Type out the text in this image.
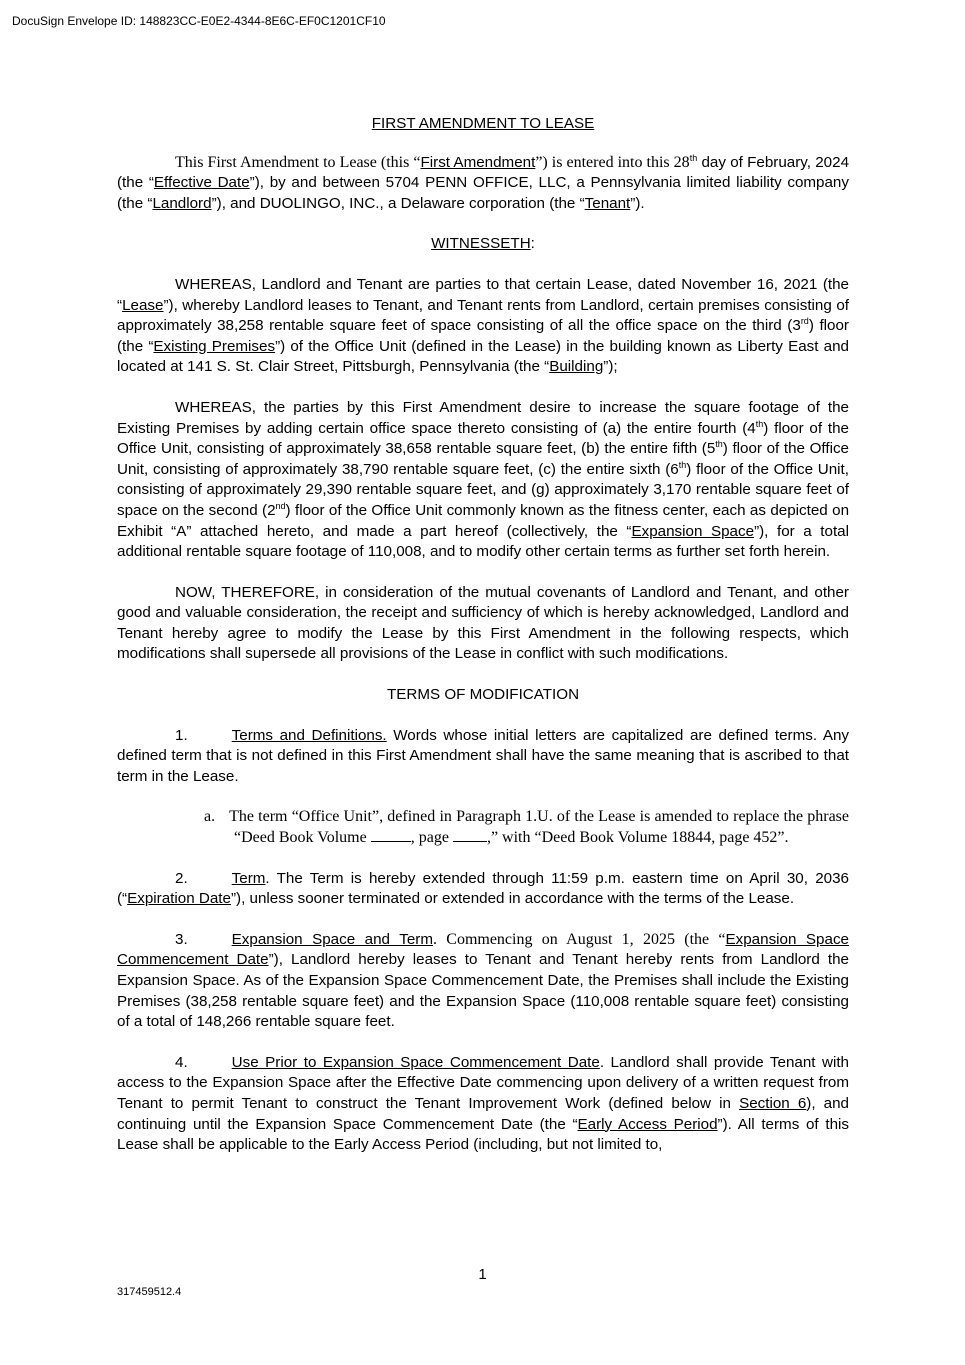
DocuSign Envelope ID: 148823CC-E0E2-4344-8E6C-EF0C1201CF10

FIRST AMENDMENT TO LEASE

This First Amendment to Lease (this “First Amendment”) is entered into this 28th day of February, 2024 (the “Effective Date”), by and between 5704 PENN OFFICE, LLC, a Pennsylvania limited liability company (the “Landlord”), and DUOLINGO, INC., a Delaware corporation (the “Tenant”).

WITNESSETH:

WHEREAS, Landlord and Tenant are parties to that certain Lease, dated November 16, 2021 (the “Lease”), whereby Landlord leases to Tenant, and Tenant rents from Landlord, certain premises consisting of approximately 38,258 rentable square feet of space consisting of all the office space on the third (3rd) floor (the “Existing Premises”) of the Office Unit (defined in the Lease) in the building known as Liberty East and located at 141 S. St. Clair Street, Pittsburgh, Pennsylvania (the “Building”);

WHEREAS, the parties by this First Amendment desire to increase the square footage of the Existing Premises by adding certain office space thereto consisting of (a) the entire fourth (4th) floor of the Office Unit, consisting of approximately 38,658 rentable square feet, (b) the entire fifth (5th) floor of the Office Unit, consisting of approximately 38,790 rentable square feet, (c) the entire sixth (6th) floor of the Office Unit, consisting of approximately 29,390 rentable square feet, and (g) approximately 3,170 rentable square feet of space on the second (2nd) floor of the Office Unit commonly known as the fitness center, each as depicted on Exhibit “A” attached hereto, and made a part hereof (collectively, the “Expansion Space”), for a total additional rentable square footage of 110,008, and to modify other certain terms as further set forth herein.

NOW, THEREFORE, in consideration of the mutual covenants of Landlord and Tenant, and other good and valuable consideration, the receipt and sufficiency of which is hereby acknowledged, Landlord and Tenant hereby agree to modify the Lease by this First Amendment in the following respects, which modifications shall supersede all provisions of the Lease in conflict with such modifications.

TERMS OF MODIFICATION

1.	Terms and Definitions. Words whose initial letters are capitalized are defined terms. Any defined term that is not defined in this First Amendment shall have the same meaning that is ascribed to that term in the Lease.

a. The term “Office Unit”, defined in Paragraph 1.U. of the Lease is amended to replace the phrase “Deed Book Volume	, page ,” with “Deed Book Volume 18844, page 452”.

2.	Term. The Term is hereby extended through 11:59 p.m. eastern time on April 30, 2036 (“Expiration Date”), unless sooner terminated or extended in accordance with the terms of the Lease.

3.	Expansion Space and Term. Commencing on August 1, 2025 (the “Expansion Space Commencement Date”), Landlord hereby leases to Tenant and Tenant hereby rents from Landlord the Expansion Space. As of the Expansion Space Commencement Date, the Premises shall include the Existing Premises (38,258 rentable square feet) and the Expansion Space (110,008 rentable square feet) consisting of a total of 148,266 rentable square feet.

4.	Use Prior to Expansion Space Commencement Date. Landlord shall provide Tenant with access to the Expansion Space after the Effective Date commencing upon delivery of a written request from Tenant to permit Tenant to construct the Tenant Improvement Work (defined below in Section 6), and continuing until the Expansion Space Commencement Date (the “Early Access Period”). All terms of this Lease shall be applicable to the Early Access Period (including, but not limited to,

1
317459512.4
